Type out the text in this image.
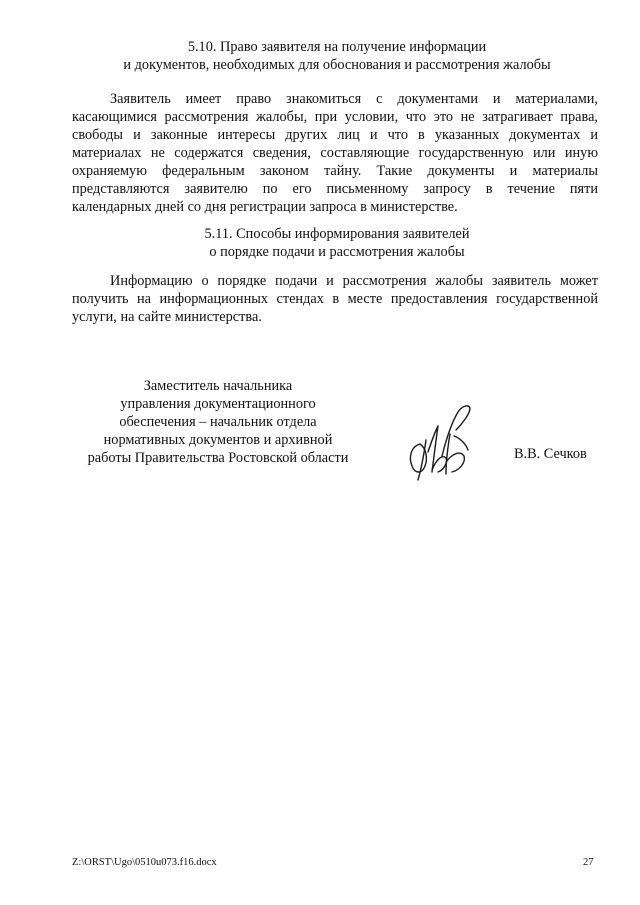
5.10. Право заявителя на получение информации
и документов, необходимых для обоснования и рассмотрения жалобы
Заявитель имеет право знакомиться с документами и материалами,
касающимися рассмотрения жалобы, при условии, что это не затрагивает права,
свободы и законные интересы других лиц и что в указанных документах и
материалах не содержатся сведения, составляющие государственную или иную
охраняемую федеральным законом тайну. Такие документы и материалы
представляются заявителю по его письменному запросу в течение пяти
календарных дней со дня регистрации запроса в министерстве.
5.11. Способы информирования заявителей
о порядке подачи и рассмотрения жалобы
Информацию о порядке подачи и рассмотрения жалобы заявитель может
получить на информационных стендах в месте предоставления государственной
услуги, на сайте министерства.
Заместитель начальника
управления документационного
обеспечения – начальник отдела
нормативных документов и архивной
работы Правительства Ростовской области	В.В. Сечков
Z:\ORST\Ugo\0510u073.f16.docx	27
